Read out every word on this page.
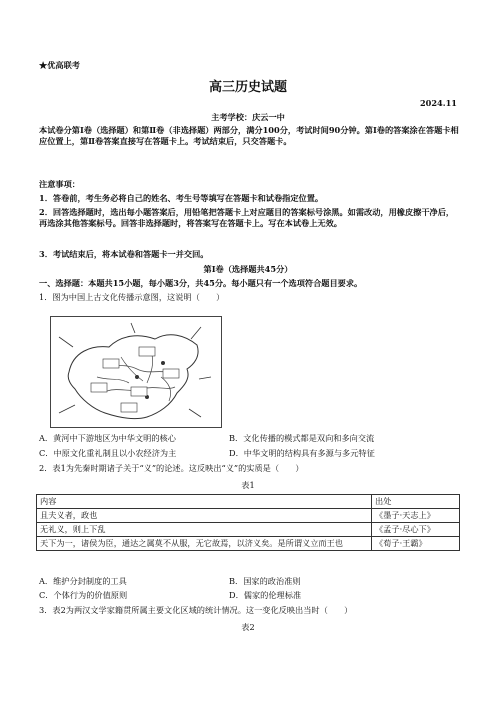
★优高联考
高三历史试题
2024.11
主考学校：庆云一中
本试卷分第Ⅰ卷（选择题）和第Ⅱ卷（非选择题）两部分，满分100分，考试时间90分钟。第Ⅰ卷的答案涂在答题卡相应位置上，第Ⅱ卷答案直接写在答题卡上。考试结束后，只交答题卡。
注意事项：
1．答卷前，考生务必将自己的姓名、考生号等填写在答题卡和试卷指定位置。
2．回答选择题时，选出每小题答案后，用铅笔把答题卡上对应题目的答案标号涂黑。如需改动，用橡皮擦干净后，再选涂其他答案标号。回答非选择题时，将答案写在答题卡上。写在本试卷上无效。
3．考试结束后，将本试卷和答题卡一并交回。
第Ⅰ卷（选择题共45分）
一、选择题：本题共15小题，每小题3分，共45分。每小题只有一个选项符合题目要求。
1．图为中国上古文化传播示意图，这说明（　　）
A．黄河中下游地区为中华文明的核心	B．文化传播的模式都是双向和多向交流
C．中原文化重礼制且以小农经济为主	D．中华文明的结构具有多源与多元特征
2．表1为先秦时期诸子关于“义”的论述。这反映出“义”的实质是（　　）
表1
内容	出处
且夫义者，政也	《墨子·天志上》
无礼义，则上下乱	《孟子·尽心下》
天下为一，诸侯为臣，通达之属莫不从服，无它故焉，以济义矣。是所谓义立而王也	《荀子·王霸》
A．维护分封制度的工具	B．国家的政治准则
C．个体行为的价值原则	D．儒家的伦理标准
3．表2为两汉文学家籍贯所属主要文化区域的统计情况。这一变化反映出当时（　　）
表2
